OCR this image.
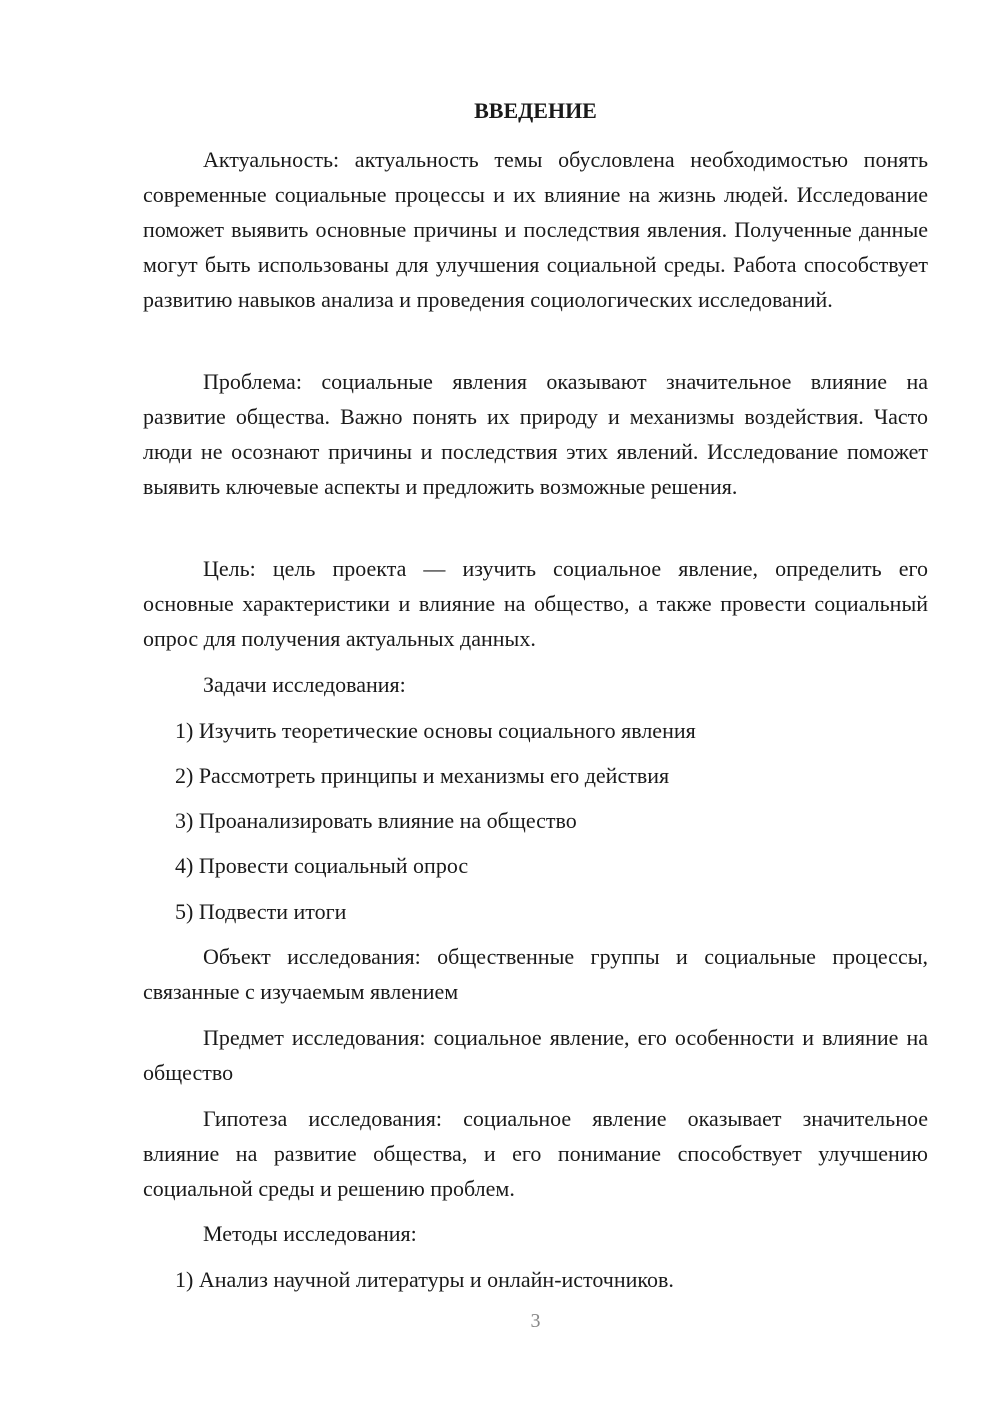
ВВЕДЕНИЕ

Актуальность: актуальность темы обусловлена необходимостью понять современные социальные процессы и их влияние на жизнь людей. Исследование поможет выявить основные причины и последствия явления. Полученные данные могут быть использованы для улучшения социальной среды. Работа способствует развитию навыков анализа и проведения социологических исследований.

Проблема: социальные явления оказывают значительное влияние на развитие общества. Важно понять их природу и механизмы воздействия. Часто люди не осознают причины и последствия этих явлений. Исследование поможет выявить ключевые аспекты и предложить возможные решения.

Цель: цель проекта — изучить социальное явление, определить его основные характеристики и влияние на общество, а также провести социальный опрос для получения актуальных данных.

Задачи исследования:

1) Изучить теоретические основы социального явления

2) Рассмотреть принципы и механизмы его действия

3) Проанализировать влияние на общество

4) Провести социальный опрос

5) Подвести итоги

Объект исследования: общественные группы и социальные процессы, связанные с изучаемым явлением

Предмет исследования: социальное явление, его особенности и влияние на общество

Гипотеза исследования: социальное явление оказывает значительное влияние на развитие общества, и его понимание способствует улучшению социальной среды и решению проблем.

Методы исследования:

1) Анализ научной литературы и онлайн-источников.

3
